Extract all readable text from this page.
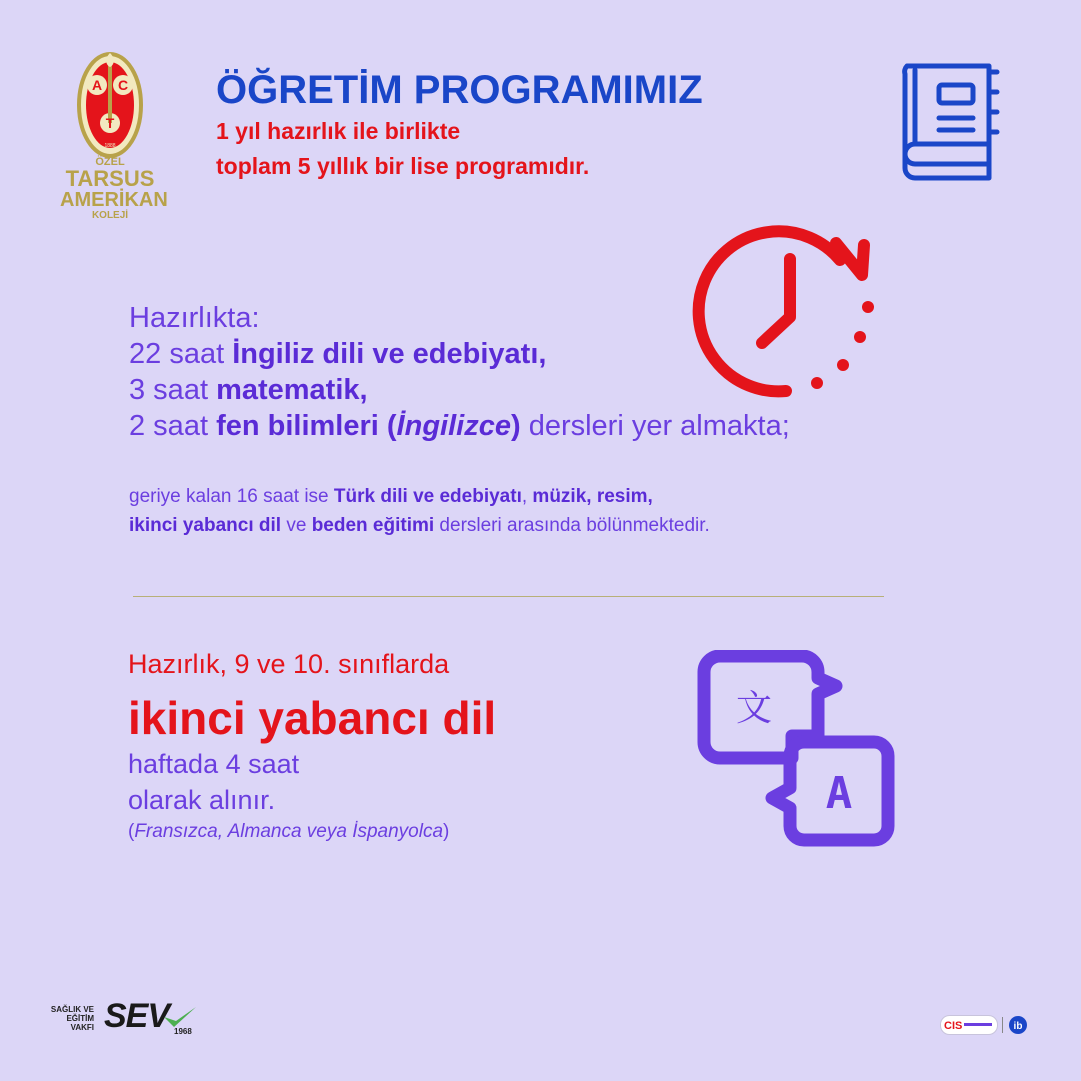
A C
T
1888
ÖZEL
TARSUS
AMERİKAN
KOLEJİ
ÖĞRETİM PROGRAMIMIZ
1 yıl hazırlık ile birlikte
toplam 5 yıllık bir lise programıdır.
Hazırlıkta:
22 saat İngiliz dili ve edebiyatı,
3 saat matematik,
2 saat fen bilimleri (İngilizce) dersleri yer almakta;
geriye kalan 16 saat ise Türk dili ve edebiyatı, müzik, resim,
ikinci yabancı dil ve beden eğitimi dersleri arasında bölünmektedir.
Hazırlık, 9 ve 10. sınıflarda
ikinci yabancı dil
haftada 4 saat
olarak alınır.
(Fransızca, Almanca veya İspanyolca)
文
A
SAĞLIK VE
EĞİTİM
VAKFI SEV 1968	CIS	ib
